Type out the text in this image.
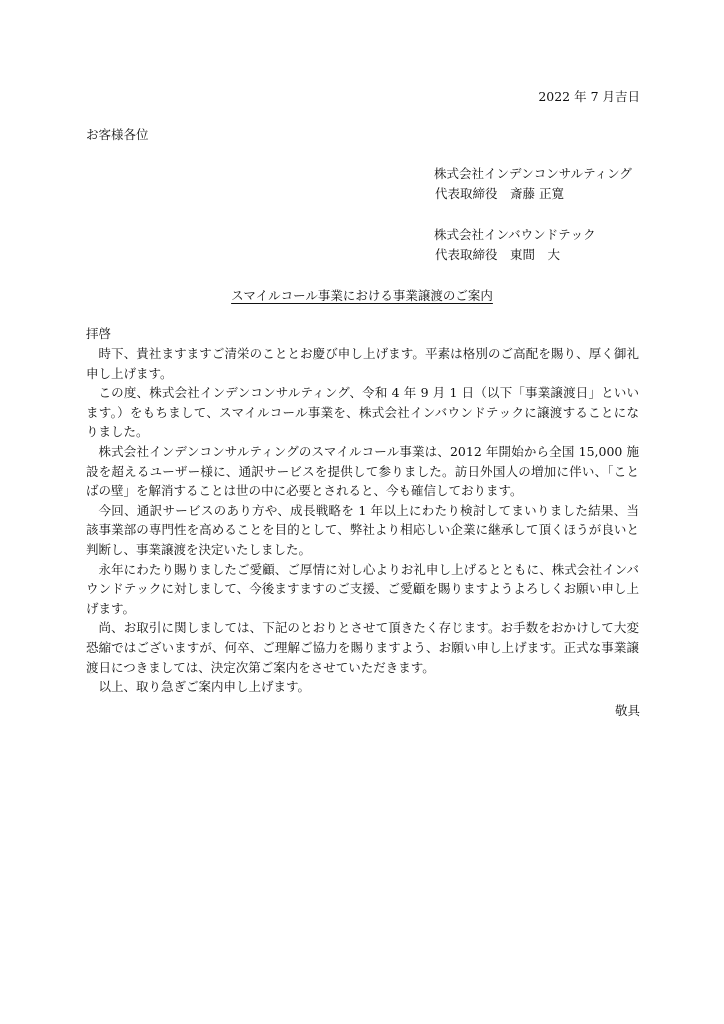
2022 年 7 月吉日
お客様各位
株式会社インデンコンサルティング
代表取締役　斎藤 正寛
株式会社インバウンドテック
代表取締役　東間　大
スマイルコール事業における事業譲渡のご案内
拝啓

時下、貴社ますますご清栄のこととお慶び申し上げます。平素は格別のご高配を賜り、厚く御礼申し上げます。

この度、株式会社インデンコンサルティング、令和 4 年 9 月 1 日（以下「事業譲渡日」といいます。）をもちまして、スマイルコール事業を、株式会社インバウンドテックに譲渡することになりました。

株式会社インデンコンサルティングのスマイルコール事業は、2012 年開始から全国 15,000 施設を超えるユーザー様に、通訳サービスを提供して参りました。訪日外国人の増加に伴い、「ことばの壁」を解消することは世の中に必要とされると、今も確信しております。

今回、通訳サービスのあり方や、成長戦略を 1 年以上にわたり検討してまいりました結果、当該事業部の専門性を高めることを目的として、弊社より相応しい企業に継承して頂くほうが良いと判断し、事業譲渡を決定いたしました。

永年にわたり賜りましたご愛顧、ご厚情に対し心よりお礼申し上げるとともに、株式会社インバウンドテックに対しまして、今後ますますのご支援、ご愛顧を賜りますようよろしくお願い申し上げます。

尚、お取引に関しましては、下記のとおりとさせて頂きたく存じます。お手数をおかけして大変恐縮ではございますが、何卒、ご理解ご協力を賜りますよう、お願い申し上げます。正式な事業譲渡日につきましては、決定次第ご案内をさせていただきます。

以上、取り急ぎご案内申し上げます。

敬具
